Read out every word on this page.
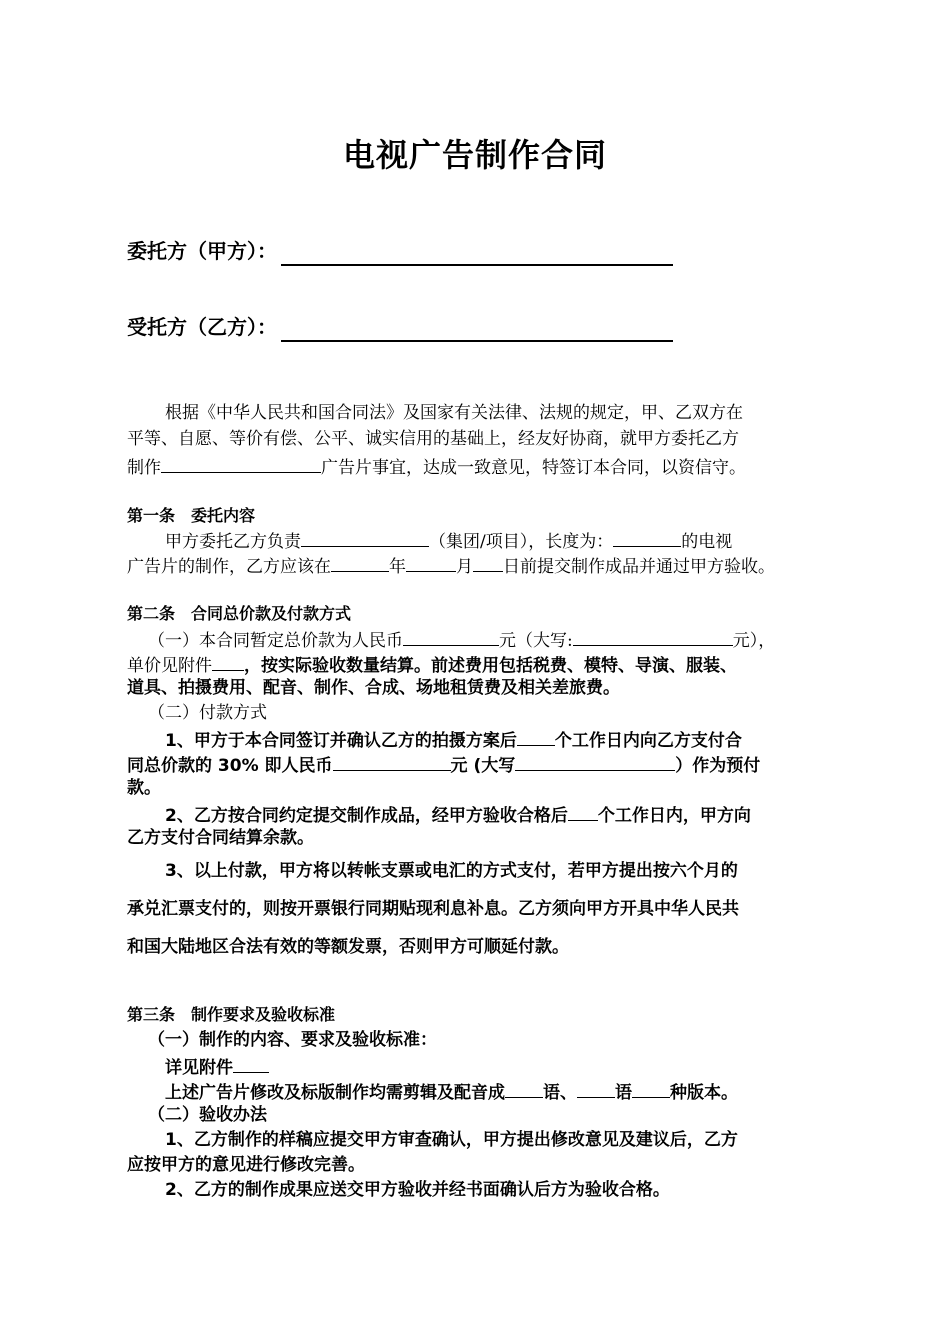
电视广告制作合同
委托方（甲方）：
受托方（乙方）：
根据《中华人民共和国合同法》及国家有关法律、法规的规定，甲、乙双方在
平等、自愿、等价有偿、公平、诚实信用的基础上，经友好协商，就甲方委托乙方
制作	广告片事宜，达成一致意见，特签订本合同，以资信守。
第一条　委托内容
甲方委托乙方负责	（集团/项目），长度为：	的电视
广告片的制作，乙方应该在	年	月 日前提交制作成品并通过甲方验收。
第二条　合同总价款及付款方式
（一）本合同暂定总价款为人民币	元（大写:	元），
单价见附件 ，按实际验收数量结算。前述费用包括税费、模特、导演、服装、
道具、拍摄费用、配音、制作、合成、场地租赁费及相关差旅费。
（二）付款方式
1、甲方于本合同签订并确认乙方的拍摄方案后 个工作日内向乙方支付合
同总价款的 30% 即人民币	元 (大写	）作为预付
款。
2、乙方按合同约定提交制作成品，经甲方验收合格后 个工作日内，甲方向
乙方支付合同结算余款。
3、以上付款，甲方将以转帐支票或电汇的方式支付，若甲方提出按六个月的
承兑汇票支付的，则按开票银行同期贴现利息补息。乙方须向甲方开具中华人民共
和国大陆地区合法有效的等额发票，否则甲方可顺延付款。
第三条　制作要求及验收标准
（一）制作的内容、要求及验收标准：
详见附件
上述广告片修改及标版制作均需剪辑及配音成 语、 语 种版本。
（二）验收办法
1、乙方制作的样稿应提交甲方审查确认，甲方提出修改意见及建议后，乙方
应按甲方的意见进行修改完善。
2、乙方的制作成果应送交甲方验收并经书面确认后方为验收合格。
